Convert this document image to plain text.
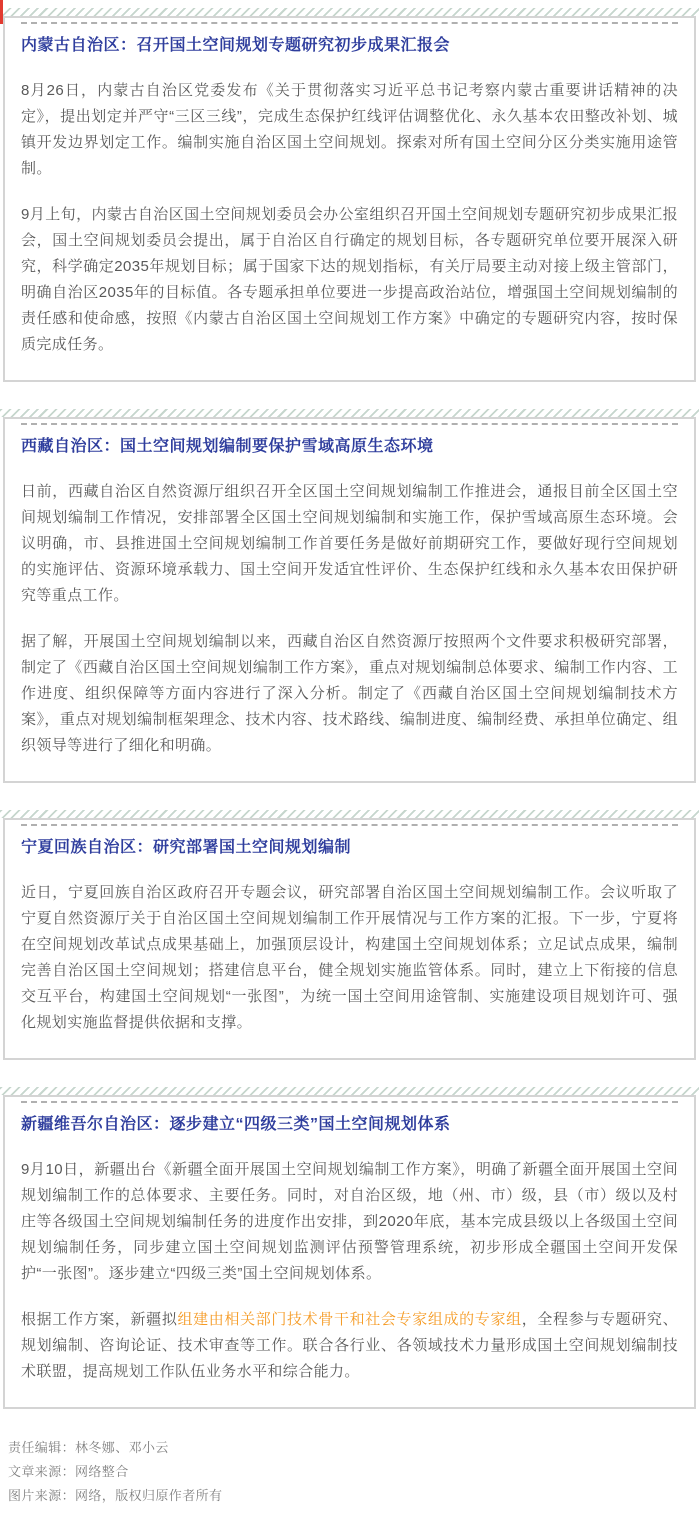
内蒙古自治区：召开国土空间规划专题研究初步成果汇报会

8月26日，内蒙古自治区党委发布《关于贯彻落实习近平总书记考察内蒙古重要讲话精神的决定》，提出划定并严守“三区三线”，完成生态保护红线评估调整优化、永久基本农田整改补划、城镇开发边界划定工作。编制实施自治区国土空间规划。探索对所有国土空间分区分类实施用途管制。

9月上旬，内蒙古自治区国土空间规划委员会办公室组织召开国土空间规划专题研究初步成果汇报会，国土空间规划委员会提出，属于自治区自行确定的规划目标，各专题研究单位要开展深入研究，科学确定2035年规划目标；属于国家下达的规划指标，有关厅局要主动对接上级主管部门，明确自治区2035年的目标值。各专题承担单位要进一步提高政治站位，增强国土空间规划编制的责任感和使命感，按照《内蒙古自治区国土空间规划工作方案》中确定的专题研究内容，按时保质完成任务。

西藏自治区：国土空间规划编制要保护雪域高原生态环境

日前，西藏自治区自然资源厅组织召开全区国土空间规划编制工作推进会，通报目前全区国土空间规划编制工作情况，安排部署全区国土空间规划编制和实施工作，保护雪域高原生态环境。会议明确，市、县推进国土空间规划编制工作首要任务是做好前期研究工作，要做好现行空间规划的实施评估、资源环境承载力、国土空间开发适宜性评价、生态保护红线和永久基本农田保护研究等重点工作。

据了解，开展国土空间规划编制以来，西藏自治区自然资源厅按照两个文件要求积极研究部署，制定了《西藏自治区国土空间规划编制工作方案》，重点对规划编制总体要求、编制工作内容、工作进度、组织保障等方面内容进行了深入分析。制定了《西藏自治区国土空间规划编制技术方案》，重点对规划编制框架理念、技术内容、技术路线、编制进度、编制经费、承担单位确定、组织领导等进行了细化和明确。

宁夏回族自治区：研究部署国土空间规划编制

近日，宁夏回族自治区政府召开专题会议，研究部署自治区国土空间规划编制工作。会议听取了宁夏自然资源厅关于自治区国土空间规划编制工作开展情况与工作方案的汇报。下一步，宁夏将在空间规划改革试点成果基础上，加强顶层设计，构建国土空间规划体系；立足试点成果，编制完善自治区国土空间规划；搭建信息平台，健全规划实施监管体系。同时，建立上下衔接的信息交互平台，构建国土空间规划“一张图”，为统一国土空间用途管制、实施建设项目规划许可、强化规划实施监督提供依据和支撑。

新疆维吾尔自治区：逐步建立“四级三类”国土空间规划体系

9月10日，新疆出台《新疆全面开展国土空间规划编制工作方案》，明确了新疆全面开展国土空间规划编制工作的总体要求、主要任务。同时，对自治区级，地（州、市）级，县（市）级以及村庄等各级国土空间规划编制任务的进度作出安排，到2020年底，基本完成县级以上各级国土空间规划编制任务，同步建立国土空间规划监测评估预警管理系统，初步形成全疆国土空间开发保护“一张图”。逐步建立“四级三类”国土空间规划体系。

根据工作方案，新疆拟组建由相关部门技术骨干和社会专家组成的专家组，全程参与专题研究、规划编制、咨询论证、技术审查等工作。联合各行业、各领域技术力量形成国土空间规划编制技术联盟，提高规划工作队伍业务水平和综合能力。

责任编辑：林冬娜、邓小云
文章来源：网络整合
图片来源：网络，版权归原作者所有
